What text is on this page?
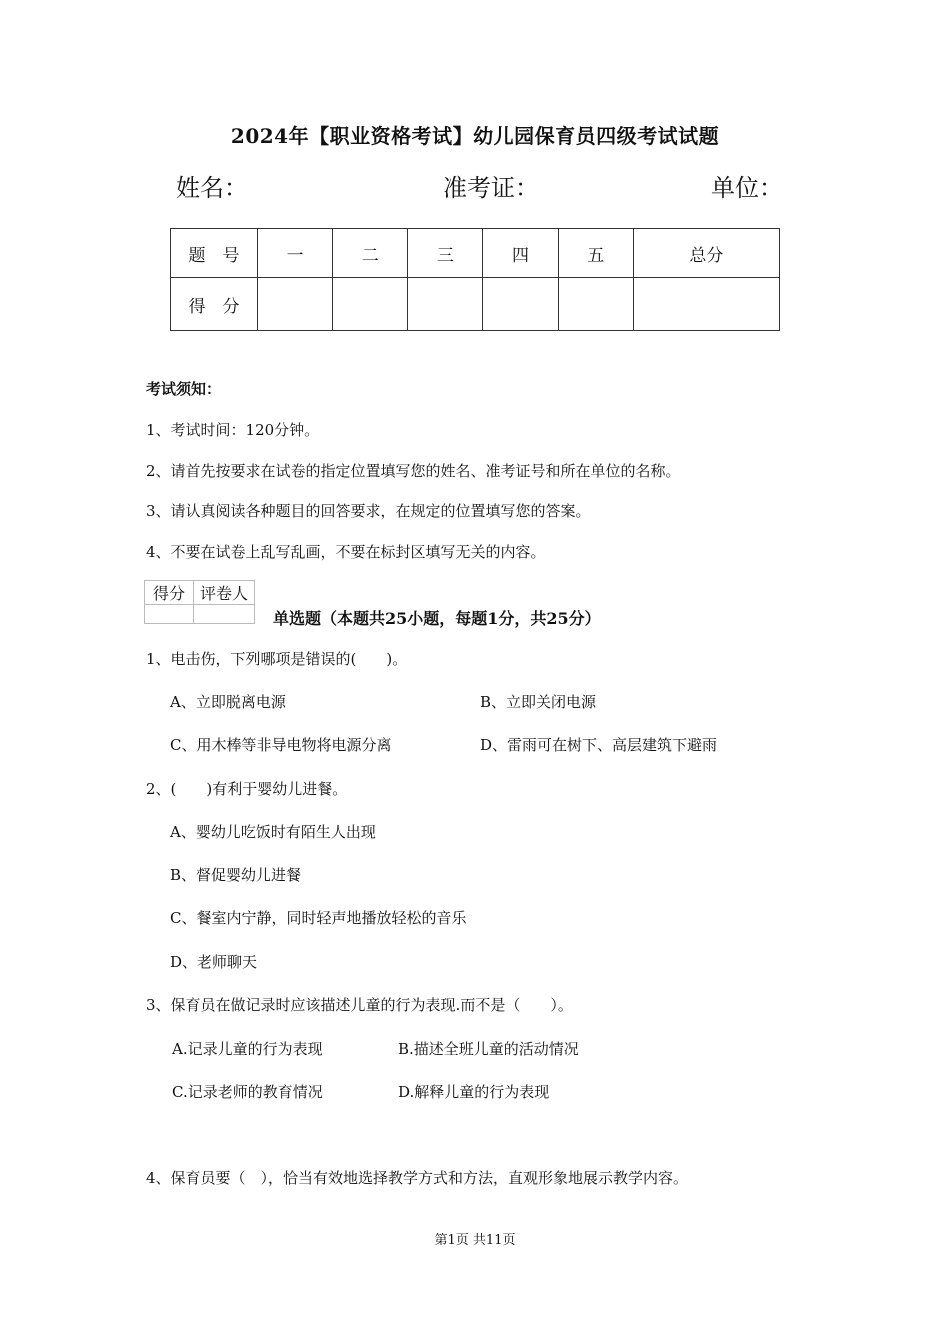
2024年【职业资格考试】幼儿园保育员四级考试试题
姓名：	准考证：	单位：
题　号	一	二	三	四	五	总分
得　分						
考试须知：
1、考试时间：120分钟。
2、请首先按要求在试卷的指定位置填写您的姓名、准考证号和所在单位的名称。
3、请认真阅读各种题目的回答要求，在规定的位置填写您的答案。
4、不要在试卷上乱写乱画，不要在标封区填写无关的内容。
得分	评卷人

单选题（本题共25小题，每题1分，共25分）
1、电击伤，下列哪项是错误的(　　)。
A、立即脱离电源	B、立即关闭电源
C、用木棒等非导电物将电源分离	D、雷雨可在树下、高层建筑下避雨
2、(　　)有利于婴幼儿进餐。
A、婴幼儿吃饭时有陌生人出现
B、督促婴幼儿进餐
C、餐室内宁静，同时轻声地播放轻松的音乐
D、老师聊天
3、保育员在做记录时应该描述儿童的行为表现.而不是（　　）。
A.记录儿童的行为表现	B.描述全班儿童的活动情况
C.记录老师的教育情况	D.解释儿童的行为表现
4、保育员要（　），恰当有效地选择教学方式和方法，直观形象地展示教学内容。
第1页 共11页
